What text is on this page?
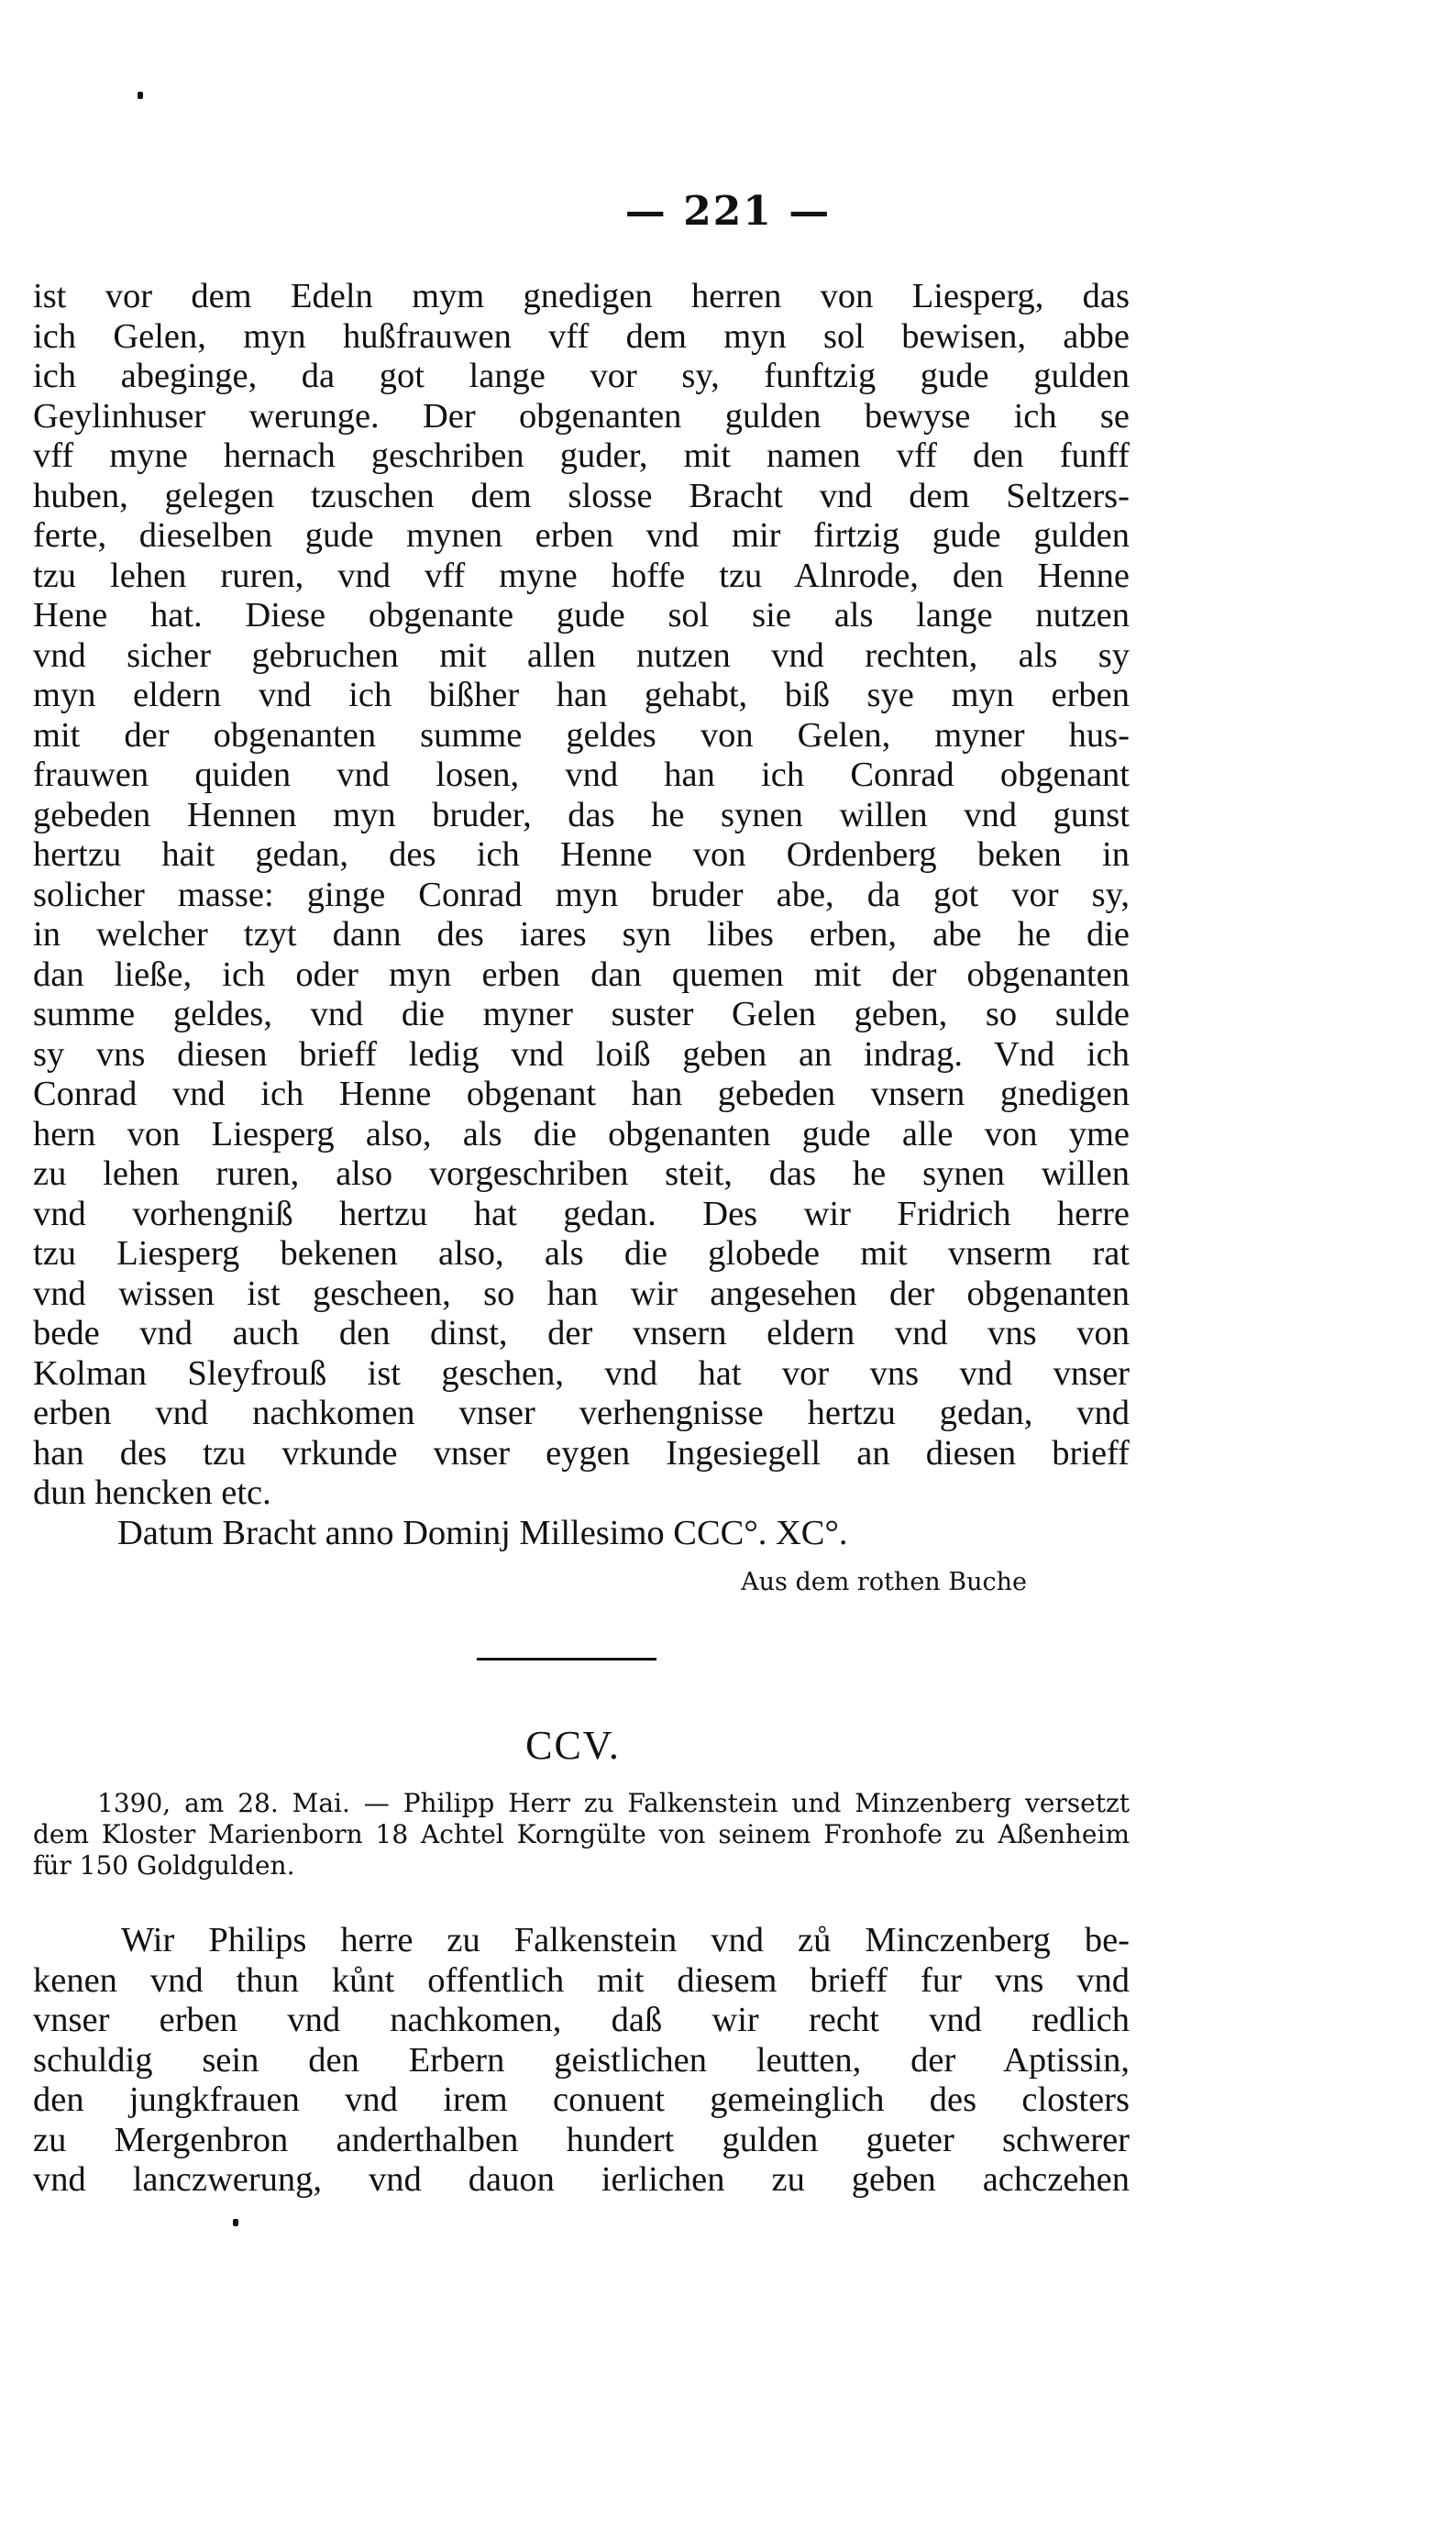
— 221 —
ist vor dem Edeln mym gnedigen herren von Liesperg, das
ich Gelen, myn hußfrauwen vff dem myn sol bewisen, abbe
ich abeginge, da got lange vor sy, funftzig gude gulden
Geylinhuser werunge. Der obgenanten gulden bewyse ich se
vff myne hernach geschriben guder, mit namen vff den funff
huben, gelegen tzuschen dem slosse Bracht vnd dem Seltzers-
ferte, dieselben gude mynen erben vnd mir firtzig gude gulden
tzu lehen ruren, vnd vff myne hoffe tzu Alnrode, den Henne
Hene hat. Diese obgenante gude sol sie als lange nutzen
vnd sicher gebruchen mit allen nutzen vnd rechten, als sy
myn eldern vnd ich bißher han gehabt, biß sye myn erben
mit der obgenanten summe geldes von Gelen, myner hus-
frauwen quiden vnd losen, vnd han ich Conrad obgenant
gebeden Hennen myn bruder, das he synen willen vnd gunst
hertzu hait gedan, des ich Henne von Ordenberg beken in
solicher masse: ginge Conrad myn bruder abe, da got vor sy,
in welcher tzyt dann des iares syn libes erben, abe he die
dan ließe, ich oder myn erben dan quemen mit der obgenanten
summe geldes, vnd die myner suster Gelen geben, so sulde
sy vns diesen brieff ledig vnd loiß geben an indrag. Vnd ich
Conrad vnd ich Henne obgenant han gebeden vnsern gnedigen
hern von Liesperg also, als die obgenanten gude alle von yme
zu lehen ruren, also vorgeschriben steit, das he synen willen
vnd vorhengniß hertzu hat gedan. Des wir Fridrich herre
tzu Liesperg bekenen also, als die globede mit vnserm rat
vnd wissen ist gescheen, so han wir angesehen der obgenanten
bede vnd auch den dinst, der vnsern eldern vnd vns von
Kolman Sleyfrouß ist geschen, vnd hat vor vns vnd vnser
erben vnd nachkomen vnser verhengnisse hertzu gedan, vnd
han des tzu vrkunde vnser eygen Ingesiegell an diesen brieff
dun hencken etc.
Datum Bracht anno Dominj Millesimo CCC°. XC°.
Aus dem rothen Buche
CCV.
1390, am 28. Mai. — Philipp Herr zu Falkenstein und Minzenberg versetzt
dem Kloster Marienborn 18 Achtel Korngülte von seinem Fronhofe zu Aßenheim
für 150 Goldgulden.
Wir Philips herre zu Falkenstein vnd zů Minczenberg be-
kenen vnd thun kůnt offentlich mit diesem brieff fur vns vnd
vnser erben vnd nachkomen, daß wir recht vnd redlich
schuldig sein den Erbern geistlichen leutten, der Aptissin,
den jungkfrauen vnd irem conuent gemeinglich des closters
zu Mergenbron anderthalben hundert gulden gueter schwerer
vnd lanczwerung, vnd dauon ierlichen zu geben achczehen
